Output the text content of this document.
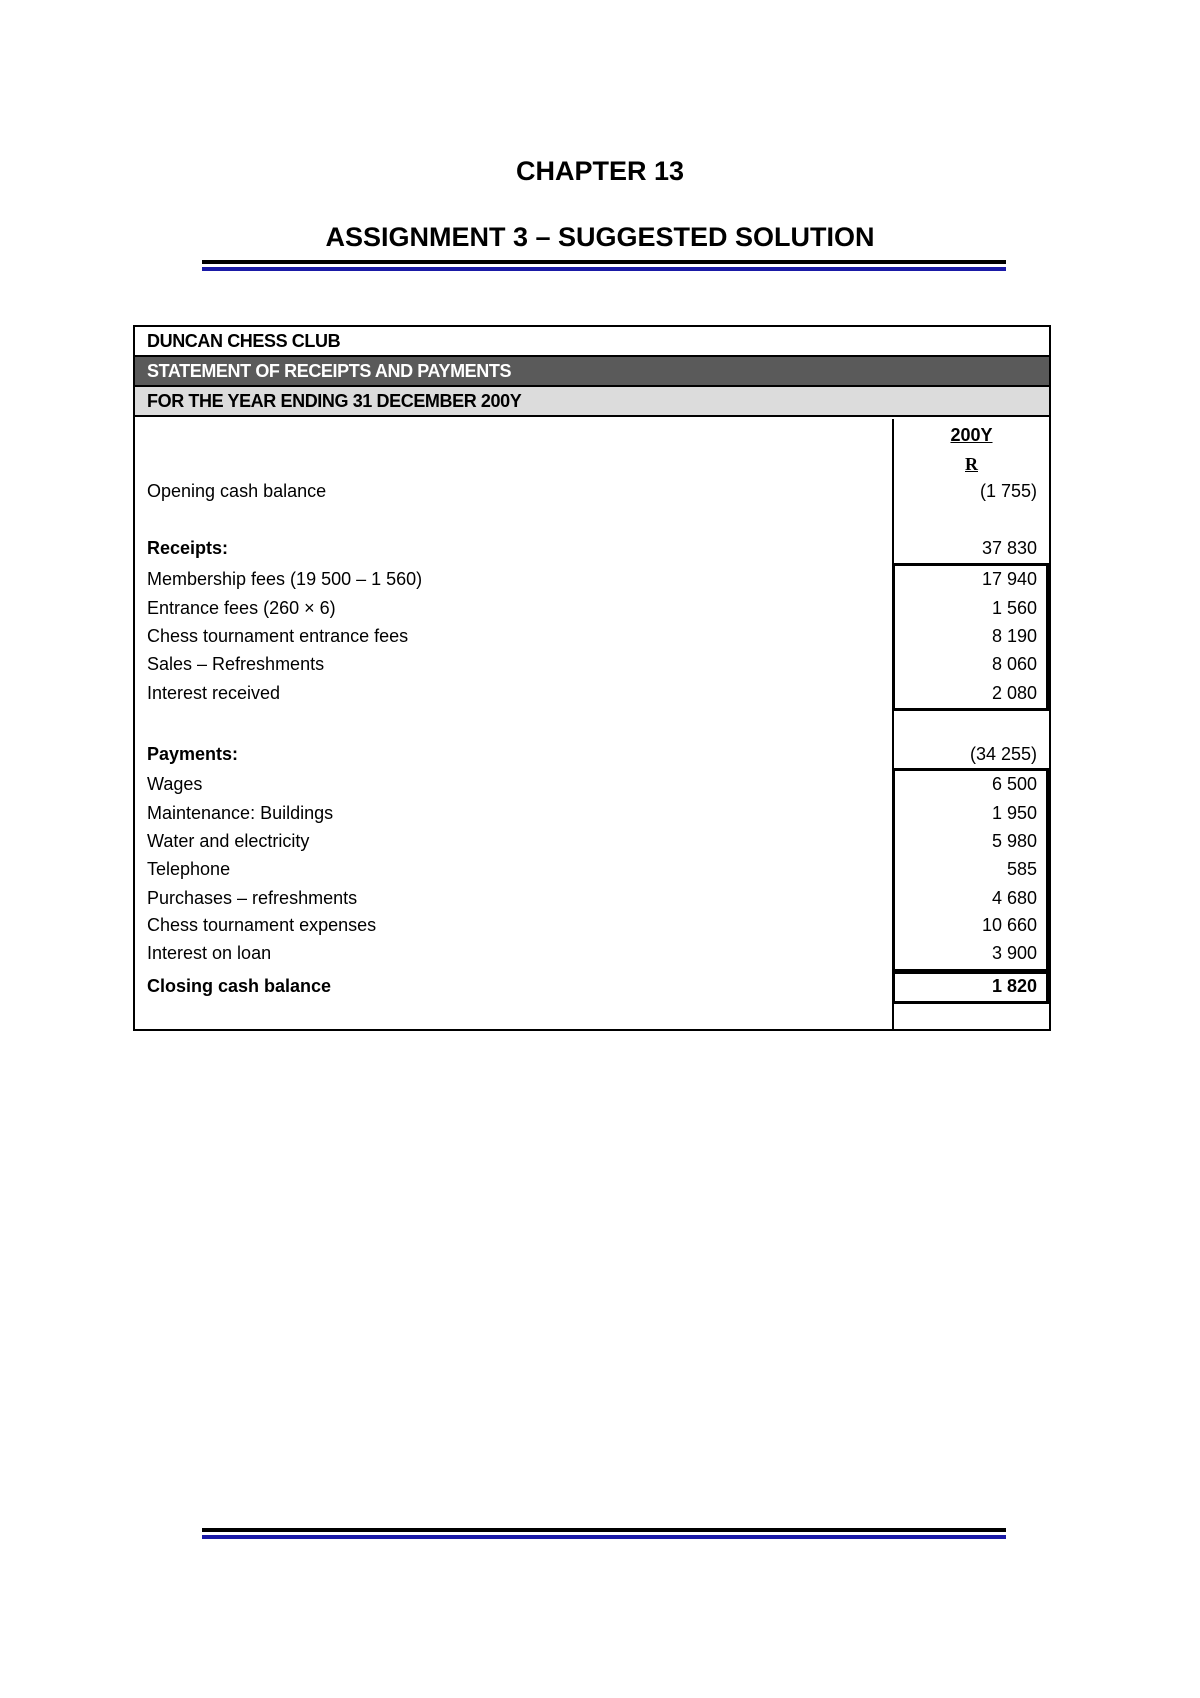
CHAPTER 13
ASSIGNMENT 3 – SUGGESTED SOLUTION
DUNCAN CHESS CLUB
STATEMENT OF RECEIPTS AND PAYMENTS
FOR THE YEAR ENDING 31 DECEMBER 200Y
200Y
R
Opening cash balance	(1 755)
Receipts:	37 830
Membership fees (19 500 – 1 560)	17 940
Entrance fees (260 × 6)	1 560
Chess tournament entrance fees	8 190
Sales – Refreshments	8 060
Interest received	2 080
Payments:	(34 255)
Wages	6 500
Maintenance: Buildings	1 950
Water and electricity	5 980
Telephone	585
Purchases – refreshments	4 680
Chess tournament expenses	10 660
Interest on loan	3 900
Closing cash balance	1 820
